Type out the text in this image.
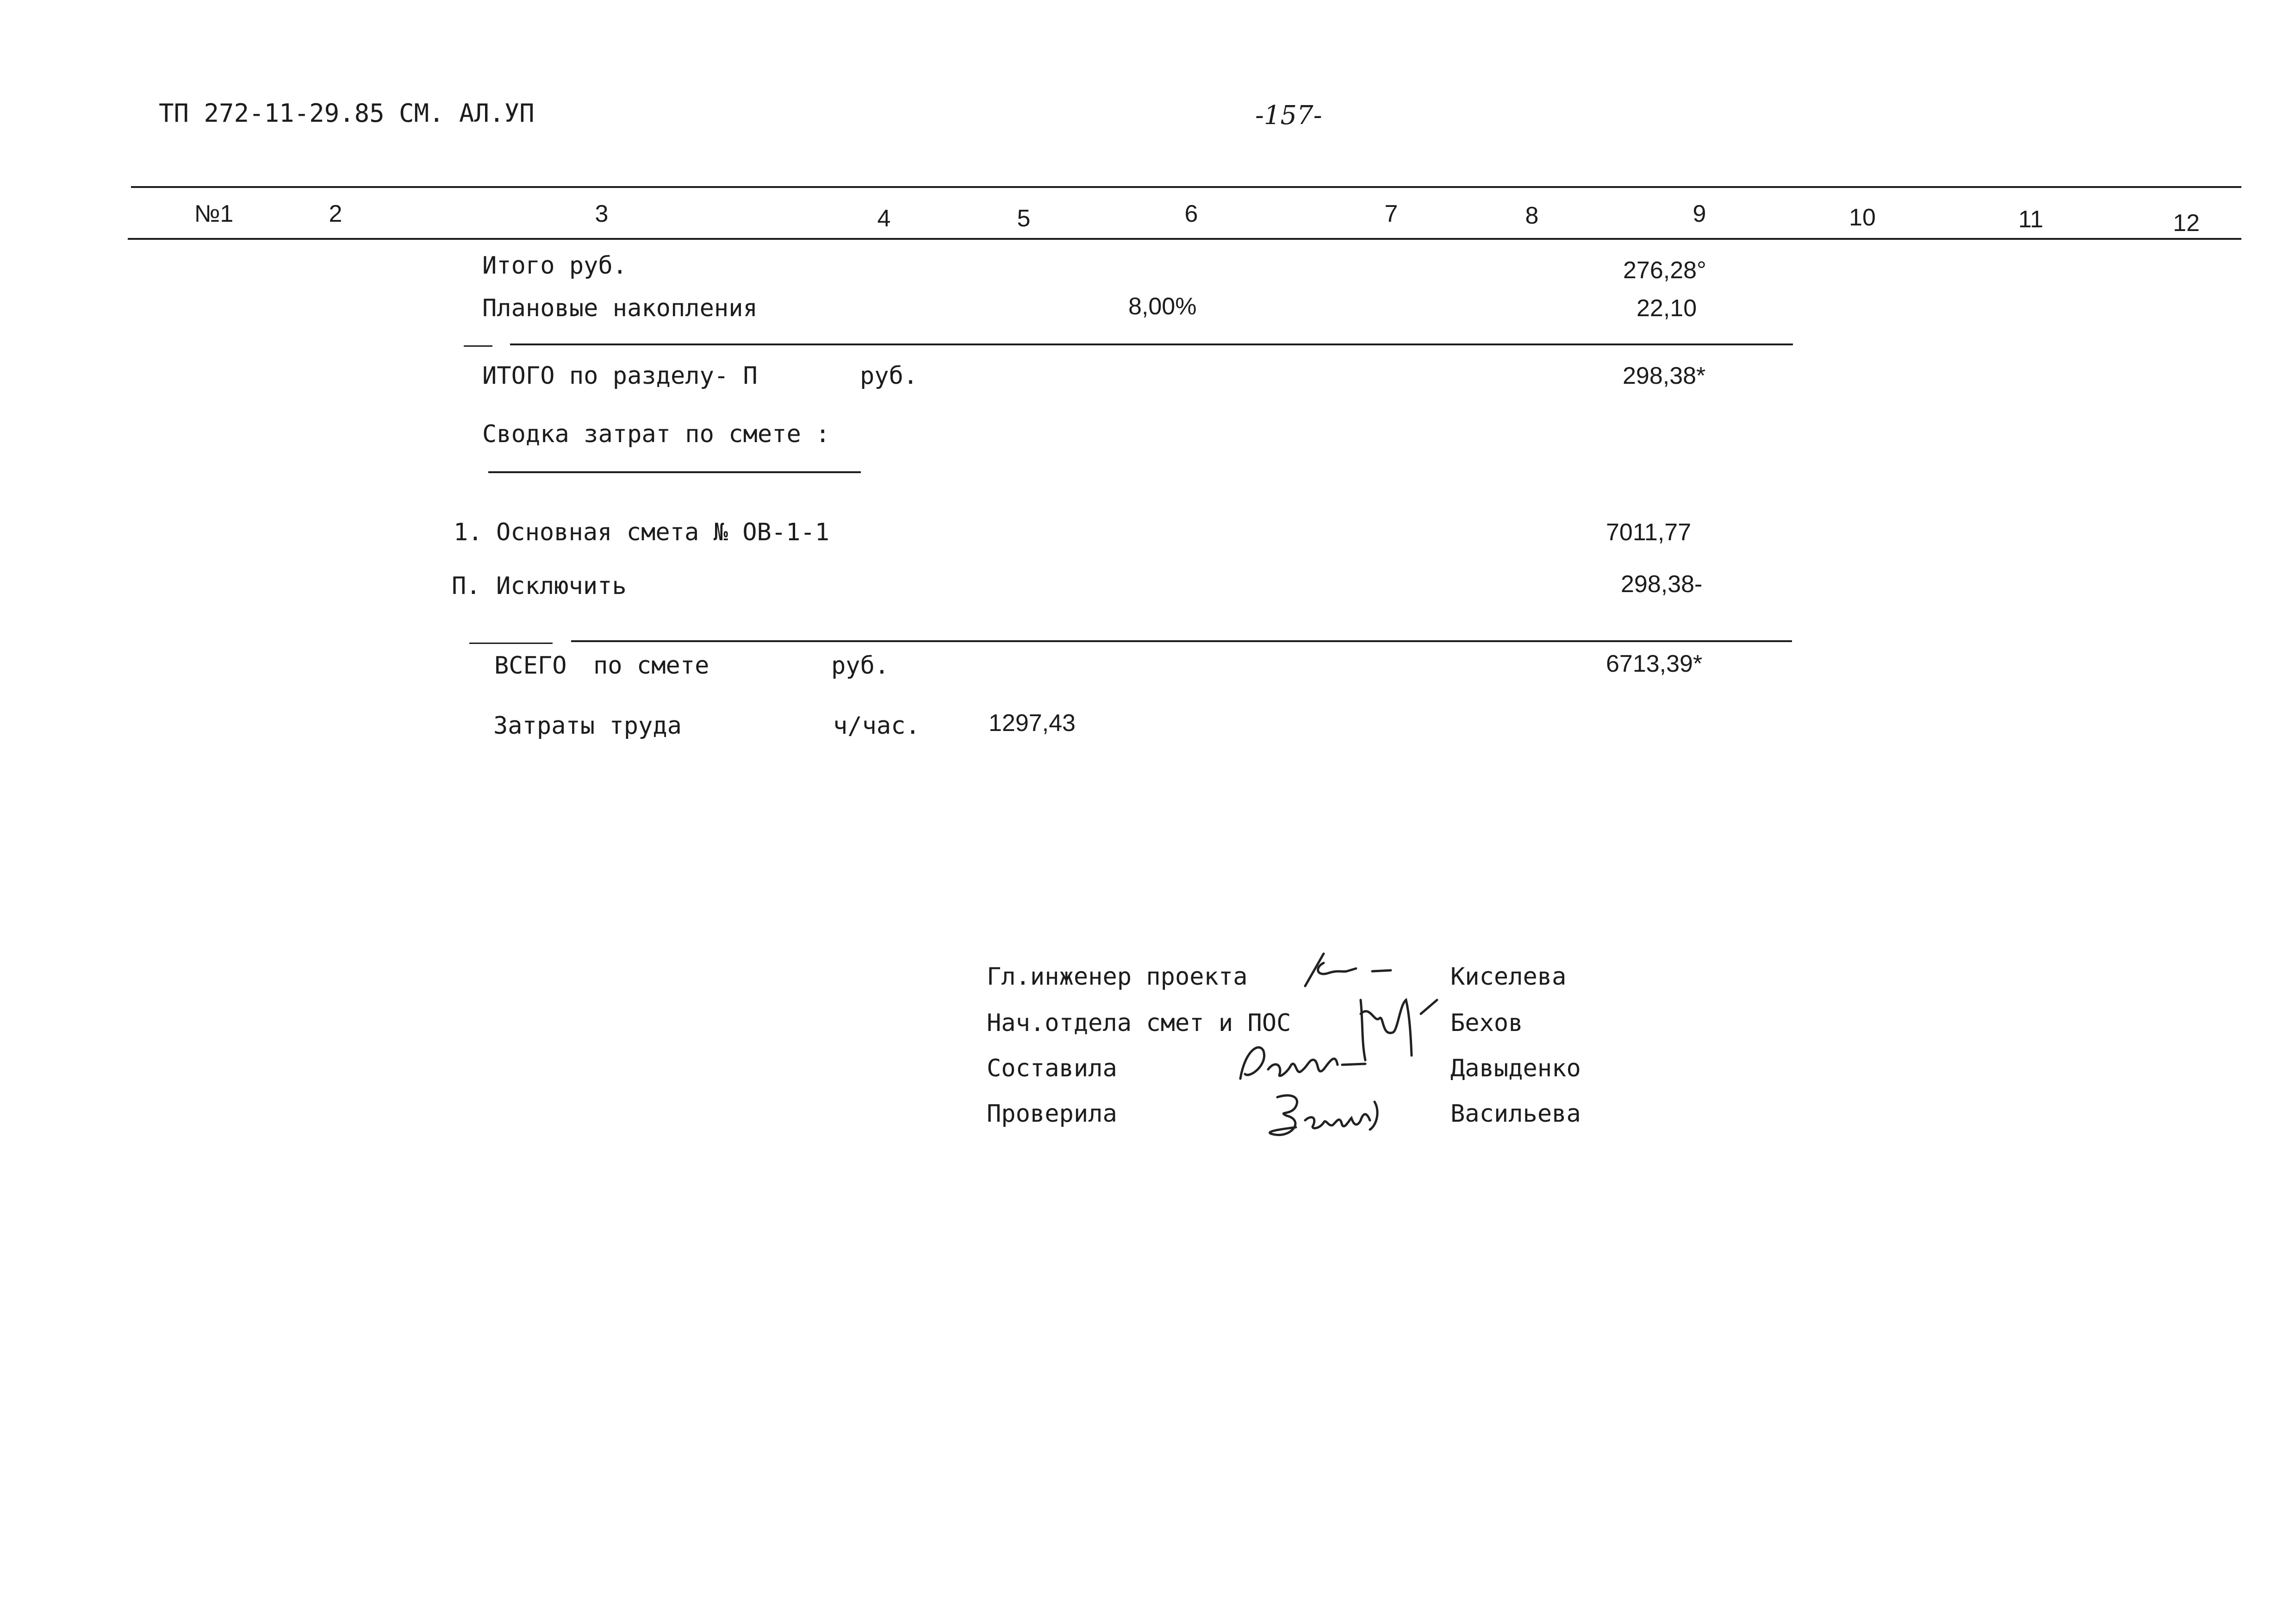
ТП 272-11-29.85 СМ. АЛ.УП	-157-
№1	2	3	4	5	6	7	8	9	10	11	12
Итого руб.	276,28°
Плановые накопления	8,00%	22,10
ИТОГО по разделу- П	руб.	298,38*
Сводка затрат по смете :
1. Основная смета № ОВ-1-1	7011,77
П. Исключить	298,38-
ВСЕГО по смете	руб.	6713,39*
Затраты труда	ч/час.	1297,43
Гл.инженер проекта	Киселева
Нач.отдела смет и ПОС	Бехов
Составила	Давыденко
Проверила	Васильева
